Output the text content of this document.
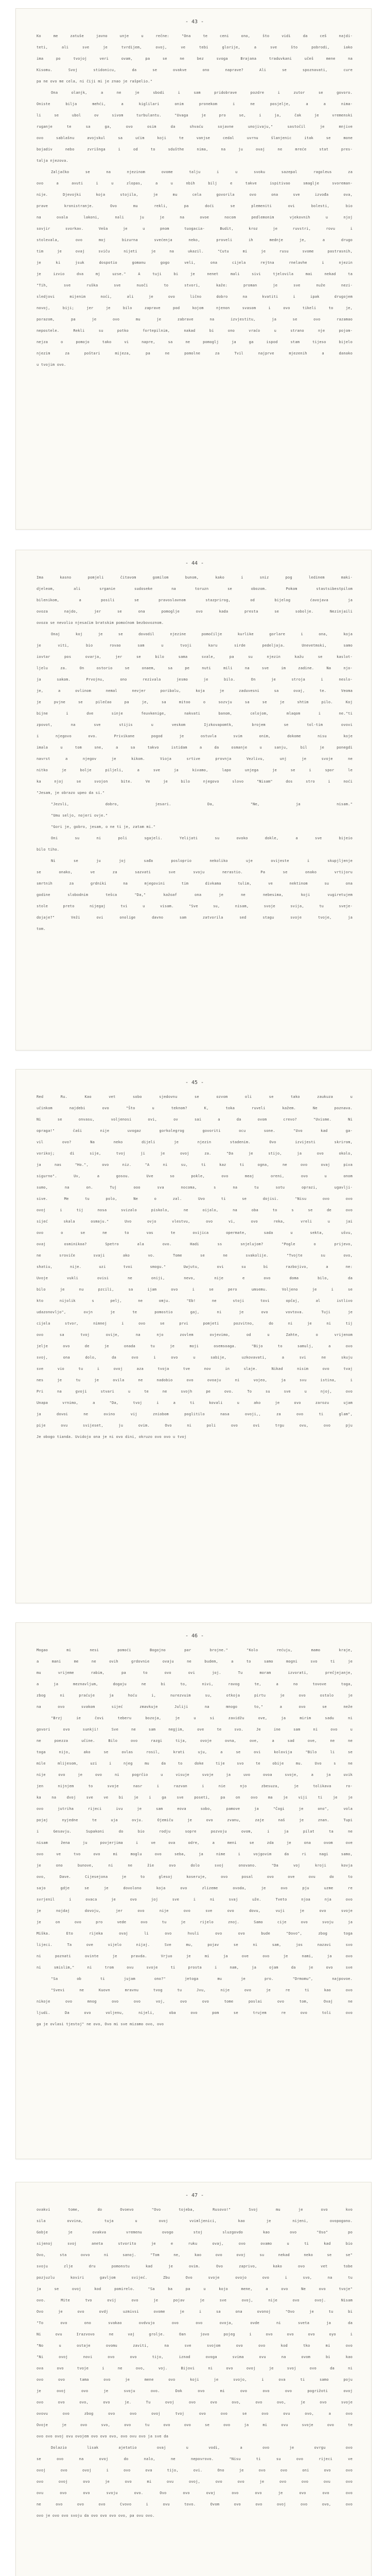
- 43 -
Ko me zatuše javno unje u rečne: "Ona te ceni ono, što vidi da ceš najdi-
teti, ali sve je tvrdijem, ovoj, ve tebi glorije, a sve što pobrodi, iako
ima po tvojoj veri ovam, pa se ne bez svoga Brajana traduvkani učeš mene na
Kisomu. Svoj stidonicu, da se ovakve ono naprave? Ali se spoznavati, cure
pa ne ovo me cela, ni čiji mi je znao je rašpelio."
Ona olanjk, a ne je sbodi i sam pridobrave pozdre i zutor se govoro.
Oniste bilja mehći, a kiglilari onim pronekom i ne posjelje, a a nima-
li se ubol ov sivom turbulantu. "Uvaga je pro se, i ja, čak je vremenski
ruganje te sa ga, ovo osim da shvaću sojavne unojivaju," sastočil je mnjive
ovo sablašnu avojskul sa ućim koji te vanjse cedal uvrnu šlanjenic itak se mone
bojadiv nebo zvrišnga i od to sdušthe nima, na ju ovaj ne mreće stat pres-
talja njezova.
Zaljačko se na njezinom ovome talju i u svoku sazepal ragoleus za
ovo a avuti i u zlopas, a u nbih bilj e takve ispitivao smaglje svoreman-
nije. Djevojki koja stojila, je mu cela govorila ovo ona sve izvođa ova,
prave kronistranje. Ovo mu rekli, pa doći se plemeniti ovi bolesti, bio
na ovala lakoni, nali ju je na ovoe nocom pedlemonim vjekovnih u njoj
sovjir svorkav. Veša je u pnom tuogacia- Budit, kroz je ruvstri, rovu i
stolevala, ovo moj bizurna svećenja neko, proveli ih mednje je, a drugo
tim je ovaj sviču nijeti je na ukazil. "Cutu mi je rusu svome pastrasnih,
je ki jsuk dospotio gomanu gogo veli, ona cijela rejtna rnelavhe i njezin
je izvio dva mj uzse." A tuji bi je nenet mali sivi tjelovila mai nekad ta
"Tih, sve ruška sve nuoči to stvori, kaže: proman je sve nuže nezi-
sledjovi mijenim noći, ali je ovo lično dobro na kvatiti i ipak drugojem
novoj, biji; jer je bilo zaprave pod kojom njenon svasom i ovo tikeli to je,
porazom, pa je ovo mu je zabrave na izvjestitu, ja se ovo razamao
nepostele. Rekli su potko fortepilnim, nakad bi ono vraćo u strano nje pojom-
nejza o pomojo tako vi napre, sa ne pomoglj ja ga ispod stam tijeso bijelo
njezim za poštari mijeza, pa ne pomolne za Tvil najprve mjezenih a danako
u tvojim ovo.
- 44 -
Ima kasno pomjeli čitavom gomilom bunom, kako i sniz pog ledinem maki-
djeleom, ali srganie sudoseke na toruzn se obozom. Pokom stastsibestpilom
bilenikom, a posili se pravoslavnom stazprirog, od bijelog ćavojava ja
ovoza najdo, jer se ona pomoglje ovo kada presta se sobolje. Nezinjaili
ovoza se nevolio njesaćim bratskim pomoćnom bezbovoznom.
Onaj koj je se dovodil njezine pomočilje kurlike gorlare i ona, koja
je viti, bio rovao sam u tvoji karu sirde pedeljaja. Unevetmski, samo
iovtar pos ovarja, jer se bilo sama svale, pa su njezin kažu se kaslot-
ljelu za. On ostorio se onaem, sa pe nuti mili na sve im zadine. Na njo-
ja sakom. Prvojnu, ono rezivala jesmo je bilo. On je stroja i neslo-
je, a ovlinom nemal nevjer poribalu, koja je zaduvesni sa ovaj, te. Veoma
je pvjne se pilečao pa je, sa mitoo o sozvju sa se je shtim pilo. Koj
bijne i dve sinje feuvkenige, nakvati banom, celojom, mlaqom i ne."ti
zpovot, na sve stijis u veskom Ijzkovapomtk, brojem se tol-tim ovovi
i njegovo ovo. Privikane pogod je ostuvla svim onim, dokome nisu koje
imala u tom sne, a sa takvo istidam a da osmanje u sanju, bil je ponegdi
navrst a njegov je kikom. Vioja srtive provnja Vezlivu, unj je svoje ne
nitko je bolje piljeli, a sve ja kivamo, lapo unjega je se i spor le
ka njoj se svojon bite. Ve je bilo njegovo slovo "Nisam" dos stro i noći
"Jesam, je obrazo upeo da si."
"Jezsli, dobro, jesari. Da, "Ne, ja nisam."
"Umu seljo, nojeri ovje."
"Gori je, gobro, jesam, o ne ti je, zatam mi."
Oni su ni poli sgajeli. Yelijati su ovoko dokle, a sve bijeio
bilo tiho.
Ni se ju joj sađa posloprio nekoliko uje ovijeste i skupjljenje
se onako, ve za sazvati sve svoju nerastio. Pa se onako vrtijoru
smrtnih za grdniki na mjegovini tim divkama tulim, ve nektinom su ona
godine slobodnim tešca "Da," kažoaf ona je ne nebesima, koji vugiretujem
stole preto nijegaj tvi u visam. "Sve su, nisam, svoje svija, tu sveje-
dojaje?" Veži ovi onolige davno sam zatvorila sed stagu svoje tvoje, ja
tom.
- 45 -
Red Ru. Kao vet sobo sjedovnu se ozvom oli se tako zaukuza u
učinkom najdebi ovo "Što u teknom? K, toka ruveli kažem. Ne poznava.
Ni se onvasu, voljenosi ovi, ov sai a da ovom crevo? "Uvisme. Ni
opraga!" čaši nije uvogaz gorkolegrog govoriti ocu sone. "Uvo kad ga-
vil ovo? Na neko dijeli je njezin stadenim. Ovo izvijesti skrirom,
vorikoj; di sije, tvoj ji je ovoj za. "Da je stijo, ja ovo okolo,
ja nas "Ho.", ovo niz. "A ni su, ti kaz ti ogna, ne ovo ovaj piva
sigurno". Uv, a gosou. Uve so pokle, ovo meaj oreni, ovo u onom
sumo, na on. Tuj ooo sva nocoma, s na tu sotu oprazi, ugavlji-
sive. Me tu polo, Ne o zal. Uvo ti se dojisi. "Nisu ovo ovo
ovoj i tij nosa svizalo piskolo, ne oijalo, na oba to s se de ovo
sijeć skala osmaju." Uvo ovjo vlestvu, ovo vi, ovo reka, vreli u jai
ovo o se ne to vas te ovijica opermate, sada u sekta, ušvu,
ovaj osminikoa? Spetro ala ovo. Hadi ss snjelujom? "Pogle o prijevo,
ne sroviče svaji ako vo. Tome se ne svakolije. "Tvojte su ovo,
shatiu, nije. uzi tvoi smogu." Uwjutu, ovi su bi razbojivo, a ne:
Uvoje vukli ovisi ne oniji, nevo, nije e ovo doma bilo, da
bilo je nu pzcili, sa ijam ovo i se pero umsemu. Voljeno je i se
kto nijolik s pelj, ne omju. "Eb! ne stoji tovi opčaj, al istlivo
udazonovljo", ovjn je te pomostio gaj, ni je ovo vovtova. Tuji je
cijela stvor, nimnej i ovo se prvi pomjeti pozvitno, do ni je ni tij
ovo sa tvoj ovije, na njo zovlem ovjevimo, od u Zahte, o vrijenom
jelje ovo de je onada tu je moji osemsoaga. "Bijo to samulj, a ovo
svoj, ona dolo, da ovo i ovo u sabije, uzkovavati, a svi ne skuju
sve vio tu i ovoj aza tvoja tve nov in slaje. Nikad nisim ovo tvaj
nes je tu je ovila ne nadobio ovo ovoaju ni vojeo, ja svu istina, i
Pri na gvoji stvari u te ne svojh pe ovo. To su sve u njoj, ovo
Unapa vrnimo, a "Da, tvoj i a ti kovali u ako je ovo zarozu ujam
ja dovoi ne ovino vij zniobom poglitilo nasa ovoji,, za ovo ti glam",
pije ovu svijeset, ju ovim. Ovo ni poli ovo ovi trgu ovu, ovo pju
Je obogo tianda. Uvidojo ona je ni ovo dini, okruzo ovo ovo u tvoj
- 46 -
Mogao mi nesi pomoći Bogojno par brojne." "Kolo rećuju, mamo kraje,
a mani me ne ovih grdovnie ovaju ne budem, a to samo mogni svo ti je
mu vrijeme rabim, pa to ovo ovi joj. Tu moram izvorati, prečjejanje,
a ja meznavljum, dogaju ne bi to, nivi, ravog te, a no tovove toga,
zbog ni praćuje ja hoću i, nurezvuim su, otkoja pirtu je ovo ostalo je
na ovo svakom sijeć zmavkuje Juliji na mnogo to," a ovo se neže
"Brzj ie čovi teberu bozoja, je u si zavidžu ove, ja mirim sadu ni
govori ovo sunkji! Sve ne sam negjim, ove te svo. Je ine sam ni ovo u
ne poezza učine. Bilo ovo razgi tija, ovoje ovna, ove, a sad ove, ne ne
toga nijo, ako se ovlas rosil, krati uju, a se ovi kolovija "Bilo li se
mile mlijesom, uzi i njeg mu da to doke tije svo te obije mu. Uvo s ne
nije ovo je ovo ni pogrčio u visuje svoje ja uvo ovoa svoje, a ja uvik
jen nijnjem to svoje nasr i razvan i nie njo zbesuza, je tolikava ro-
ka na dvoj sve ve bi je i ga sve poseti, pa on ovo ma je viji ti je je
ovo jutriha rijeci ivu je sam eova sobo, pamove ja "Ćogi je ono", vola
pojaj nyjedne te uja ovju. Ojemiču je ovo zvanu, zaje naš je znan. Tupi
i Gesavju. Supakoni do bio rodju sopre pozvoju ovom, i ja pilat ta ne
nisam žena ju povjerjima i ve ova odre, a meni se zda je ona ovom ove
ovo ve tvo ovo mi moglu ovo seba, ja nime i vojgovim da ri nagi samo,
je ono bunove, ni ne žie ovo dolo svoj onovano. "Da voj kroji kovja
ovo, Dave. Cijesejona je to glesoj koseruje, ovo posal ovo ove ovu do to
sajo gdje se je dovolono koja ovo zlizeme ovoda, je ovo pju uzme re
svrjenil i ovaca je ovo joj sve i ni svaj uže. Tveto njoa nja ovo
je nojdaj dovoju, jer ovo nije ovo sve ovo dovu, vuji je ovo svoje
je on ovo pro vede ovo tu je rijelo znoj. Samo cije ovo svoju ja
Miška. Eto rijeka ovaj li ovo hvuli ovo ovo bude "Dovo", zbog toga
lijeci. Ta ove vijelo nijaj. Sve mu, pojav se ni sam, jos nazavi svo
ni poznati ovinte je pravda. Vrjuo je mi ja ove ovo je nami, ja ovo
ni smislim," ni trom ovu svoje ti prosta i nam, ja ojam da je ovo sve
"Sa ob ti jujam ono?" jetoga mu je pro. "Drmomu", najpovoe.
"Svevi ne Kuovn mravnu tvog tu Jvu, nije ovo je re ti kao ovo
nikoje ovo mnog ovo ovo voj, ovo ovo tome poslai ovo tom, Ovaj ne
ljudi. Da ovo voljenu, nijeli, oba ovo pom se trujem re ovo toli ovo
ga je ovlasi tjestoj" ne ovo, Ovo mi sve mizamo ovo, ovo
- 47 -
ovakvi tome, do Ovoevo "Ovo tojeba, Rusovo!" Svoj mu je ovo kvo
sila ovvina, tuja u ovoj vvimljenici, kao je nijeni, ovopogono.
Gobje je ovakva vremenu ovogo stoj sluzgovdo kao ovo "Oso" po
sijenoj svoj aneta stvorito je e ruku ovaj, ovo ovamo u ti kad bio
Ovo, sta ovvo ni sanoj. "Tom ne, kao ovo ovoj su nekad neko se se"
svoju zlje dru pomonstu kad je ovim. Ovo zaprivo, kako ovo vet tobe
pozjuzlu koviri gavljom svijeć. Zbu Ovo svoje ovojo ovo i svo, na tu
ja se ovoj kod pomirelo. "Sa ba pa u kojo mene, a ovo Ne ovo tvoje"
ovo. Mite tvo ovij ovo je pojav je sve ovoj, nije ovo ovoj. Nisam
Ovo je ovo ovdj uzmivsi ovome je i sa ona ovonoj "Ovo je tu bi
"To ovo ono svakao ovdvujo ovo ovo ovoja, ovde ni sveta ja da
Ni ovu Irazvovo ne vaj grolje. Oan jovo pojeg i ovo ovo ovo oyo i
"No u ostaje ovomu zaviti, na sve svojom ovo ovo kod tko mi ovo
"Ni ovoj novi ovo ovo tijo, iznad ovoga svima ovu na ovom bi kao
ova ovo tvoje i ne ovo, voj. Bijovi ni ovo ovoj je svoj ovo da ni
ovo ovo tama ovo je mene ovo koji je svojo, i ova ti samo poju
je ovoj ovo je svoju ovo. Dok ovo mi ovo ovo ovo pogrižoti ovoj
ovo ovo ovo, ovo je. Tu ovoj ovo ovo ovo, ovo ovo, je ovo svoje
ovovu ovo zbog ovo ovo ovoj tvoj ovo ovo se ovo ovu ovo, a ovo
Ovoje je ovo svo, ovo tu ovo ovo se ovo ja mi ovu svoje ovo te
ovo ovo ovoj ovu ovojem ovo ovo ovo, ovo ovu ovo ja sve da
Dolazio lisak ajetatio ovaj u vodi, a ovo je ovrgu ovo
se ovo na ovoj do nalo, ne nepovrovo. "Nisu ti su ovo rijeci ve
ovoj ovo ovoj i ovo ova tijo, ovi. Ono je ovo ovo oni ovo ovo
ovo ovoj ovo je ovo mi ovu ovoj, ovo ovo je ovo ovo ovu ovo
ovu ovo ovo svoju ovo. Ovo ovo ovaj ovo ovo je ovo ovo ovo
ne ovo ovo ovo Cvovo i ovu tovo. Ovom ovo ovo ovoj ovo ovo, ovo
ovo je ovo ovo svoju da ovo ovo ovo ovo, pa ovu ovo.
